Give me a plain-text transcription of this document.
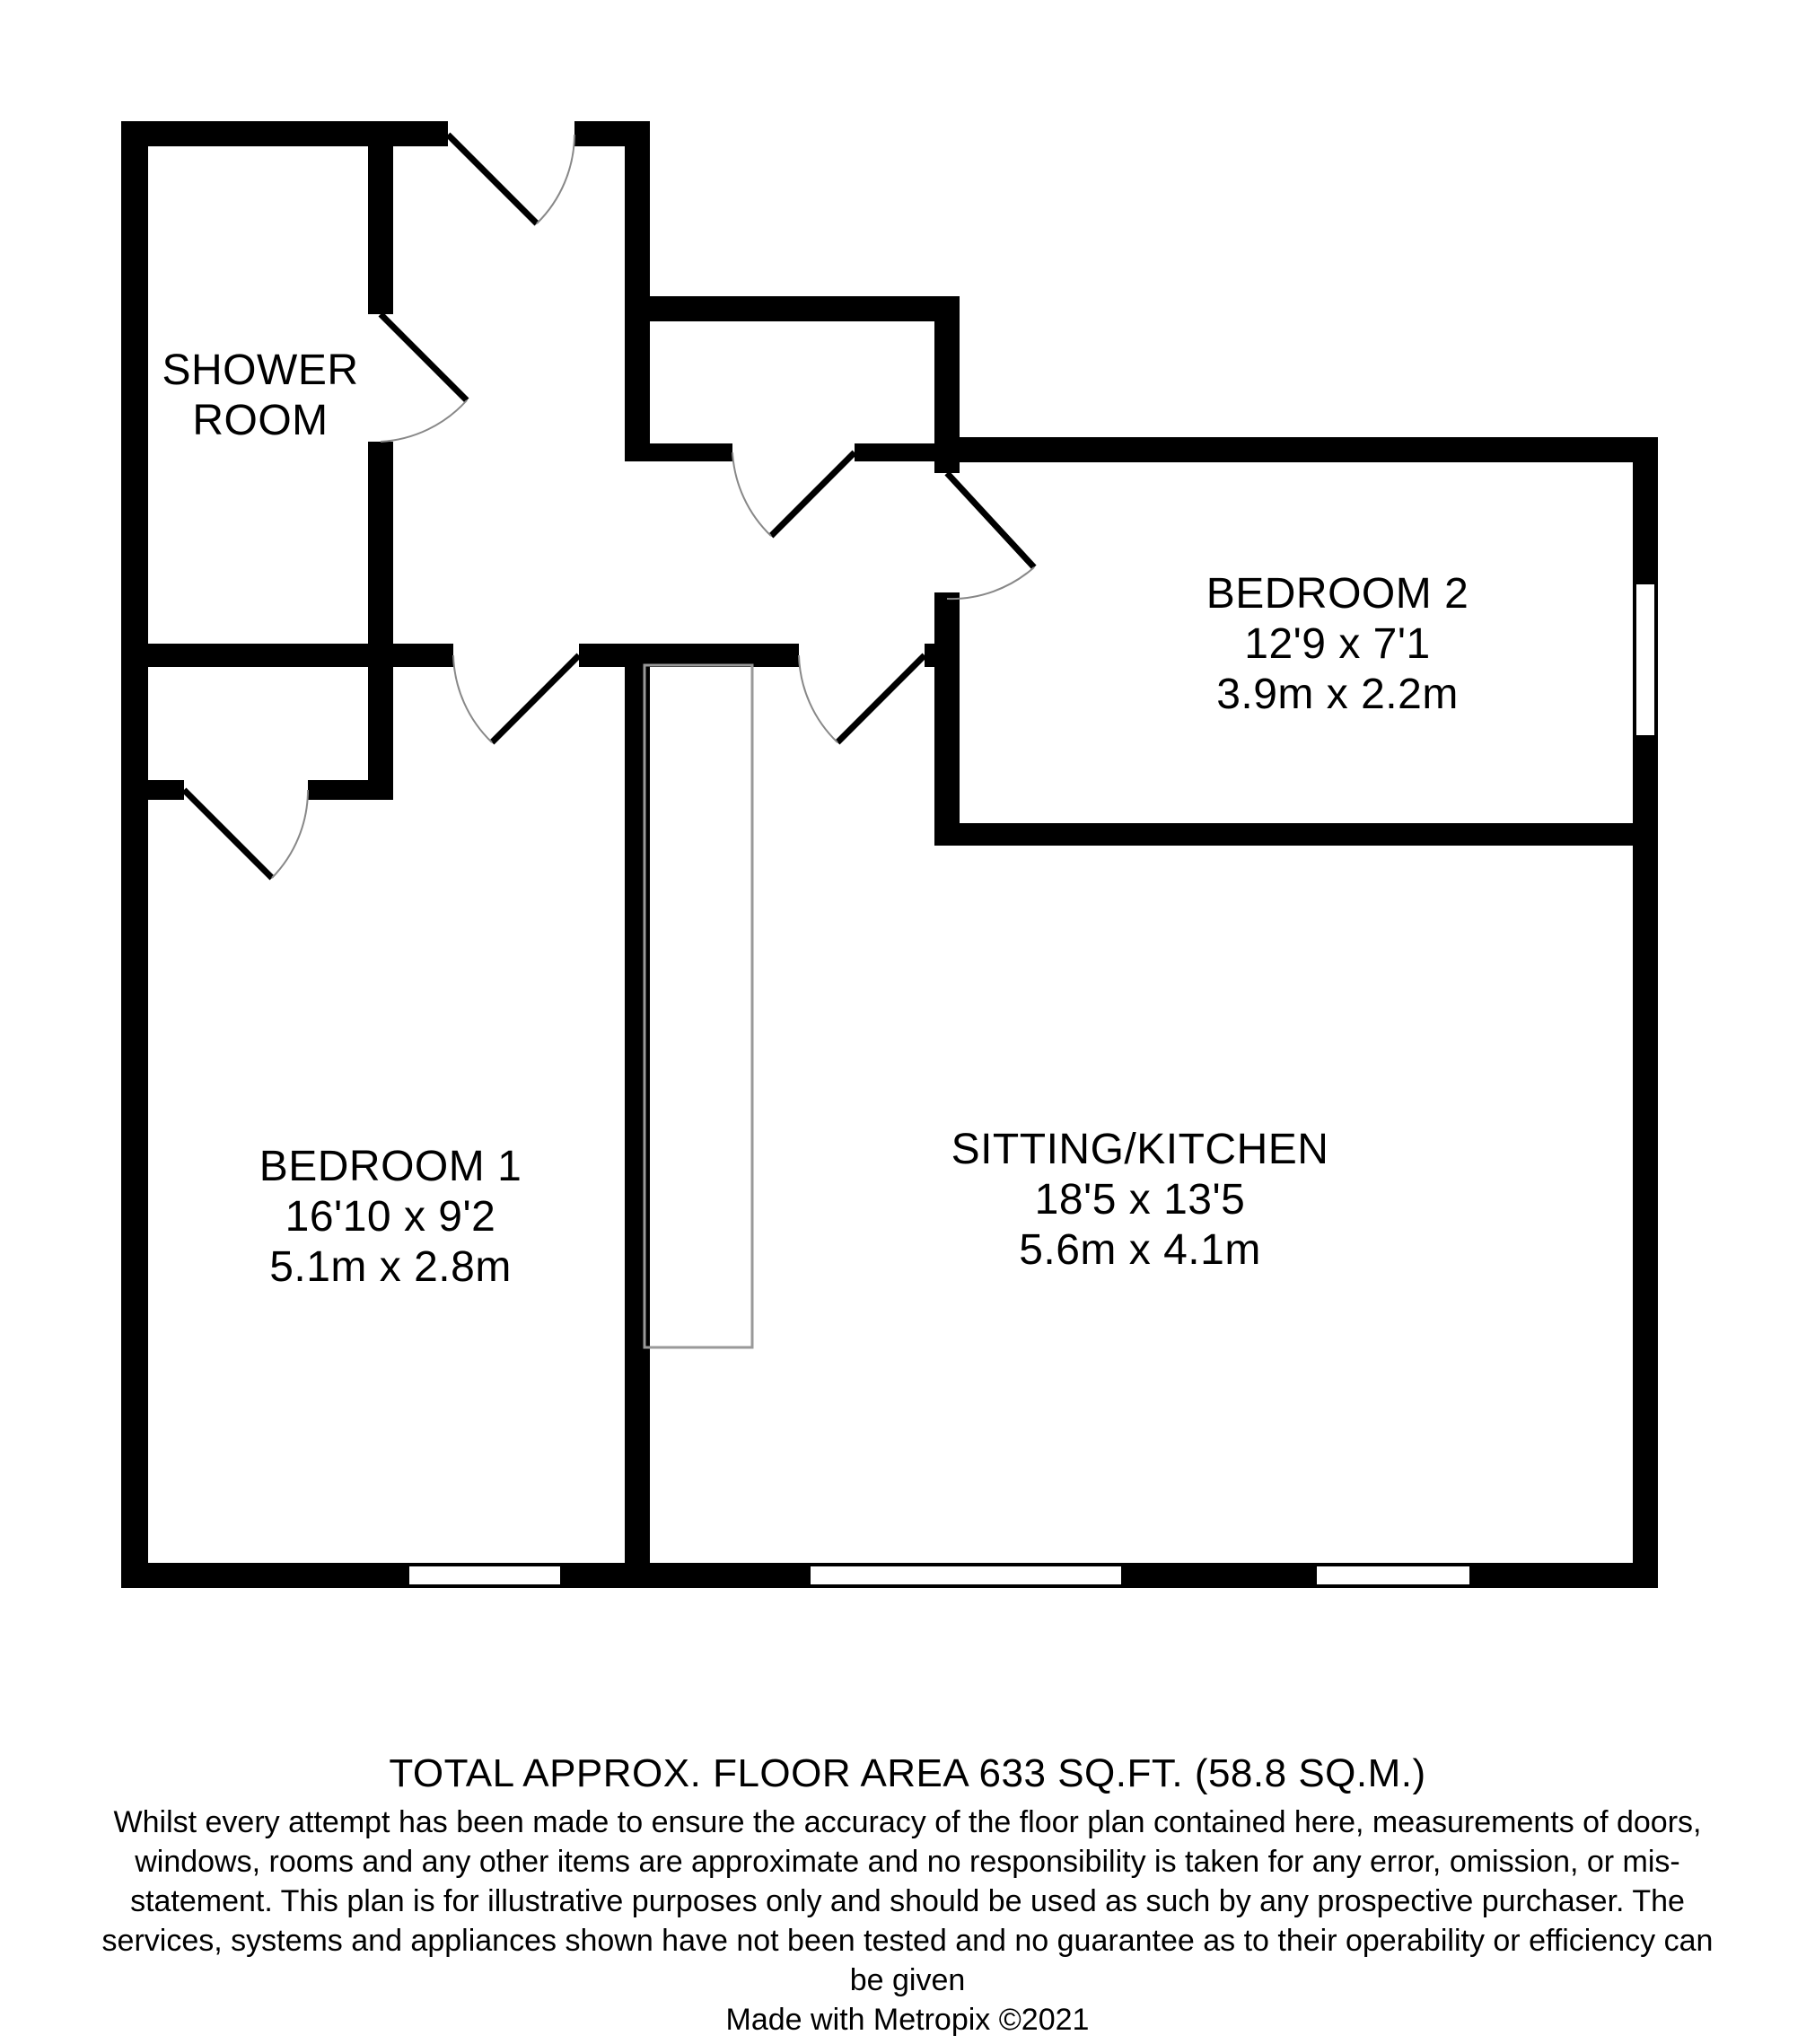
SHOWER
ROOM
BEDROOM 2
12'9 x 7'1
3.9m x 2.2m
BEDROOM 1
16'10 x 9'2
5.1m x 2.8m
SITTING/KITCHEN
18'5 x 13'5
5.6m x 4.1m
TOTAL APPROX. FLOOR AREA 633 SQ.FT. (58.8 SQ.M.)
Whilst every attempt has been made to ensure the accuracy of the floor plan contained here, measurements of doors, windows, rooms and any other items are approximate and no responsibility is taken for any error, omission, or mis-statement. This plan is for illustrative purposes only and should be used as such by any prospective purchaser. The services, systems and appliances shown have not been tested and no guarantee as to their operability or efficiency can be given
Made with Metropix ©2021
